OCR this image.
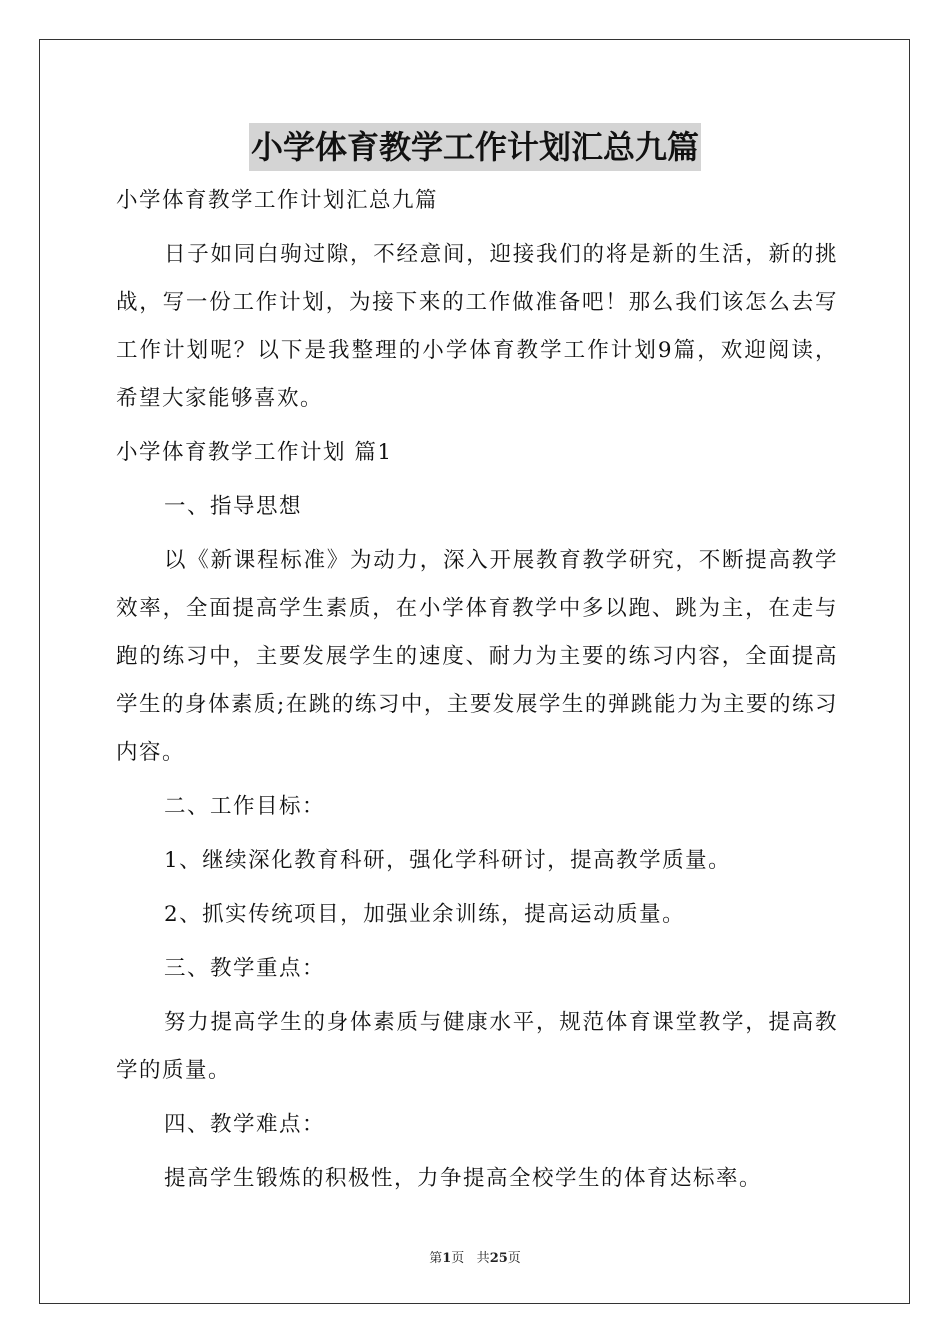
小学体育教学工作计划汇总九篇

小学体育教学工作计划汇总九篇

日子如同白驹过隙，不经意间，迎接我们的将是新的生活，新的挑战，写一份工作计划，为接下来的工作做准备吧！那么我们该怎么去写工作计划呢？以下是我整理的小学体育教学工作计划9篇，欢迎阅读，希望大家能够喜欢。

小学体育教学工作计划 篇1

一、指导思想

以《新课程标准》为动力，深入开展教育教学研究，不断提高教学效率，全面提高学生素质，在小学体育教学中多以跑、跳为主，在走与跑的练习中，主要发展学生的速度、耐力为主要的练习内容，全面提高学生的身体素质;在跳的练习中，主要发展学生的弹跳能力为主要的练习内容。

二、工作目标：

1、继续深化教育科研，强化学科研讨，提高教学质量。

2、抓实传统项目，加强业余训练，提高运动质量。

三、教学重点：

努力提高学生的身体素质与健康水平，规范体育课堂教学，提高教学的质量。

四、教学难点：

提高学生锻炼的积极性，力争提高全校学生的体育达标率。

第1页 共25页
